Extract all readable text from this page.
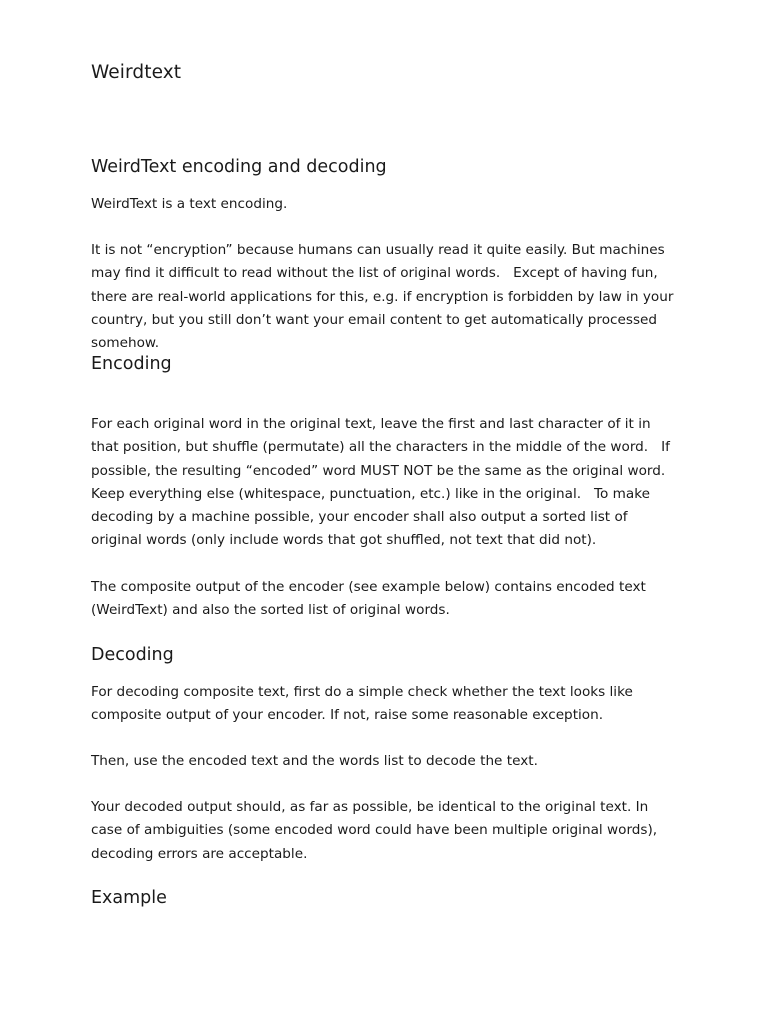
Weirdtext
WeirdText encoding and decoding

WeirdText is a text encoding.

It is not “encryption” because humans can usually read it quite easily. But machines may find it difficult to read without the list of original words.   Except of having fun, there are real-world applications for this, e.g. if encryption is forbidden by law in your country, but you still don’t want your email content to get automatically processed somehow.

Encoding

For each original word in the original text, leave the first and last character of it in that position, but shuffle (permutate) all the characters in the middle of the word.   If possible, the resulting “encoded” word MUST NOT be the same as the original word. Keep everything else (whitespace, punctuation, etc.) like in the original.   To make decoding by a machine possible, your encoder shall also output a sorted list of original words (only include words that got shuffled, not text that did not).

The composite output of the encoder (see example below) contains encoded text (WeirdText) and also the sorted list of original words.

Decoding

For decoding composite text, first do a simple check whether the text looks like composite output of your encoder. If not, raise some reasonable exception.

Then, use the encoded text and the words list to decode the text.

Your decoded output should, as far as possible, be identical to the original text. In case of ambiguities (some encoded word could have been multiple original words), decoding errors are acceptable.

Example
